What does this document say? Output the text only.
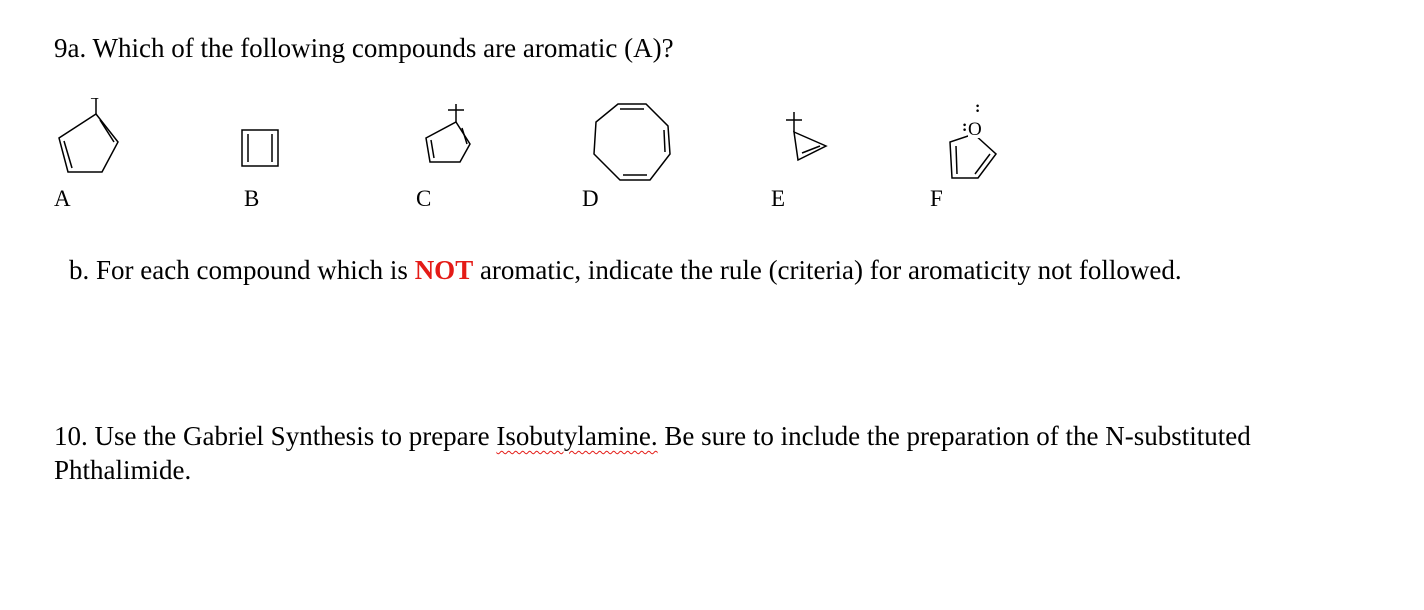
9a. Which of the following compounds are aromatic (A)?
−
O
:
:
A	B	C	D	E	F
b. For each compound which is NOT aromatic, indicate the rule (criteria) for aromaticity not followed.
10. Use the Gabriel Synthesis to prepare Isobutylamine. Be sure to include the preparation of the N-substituted
Phthalimide.
